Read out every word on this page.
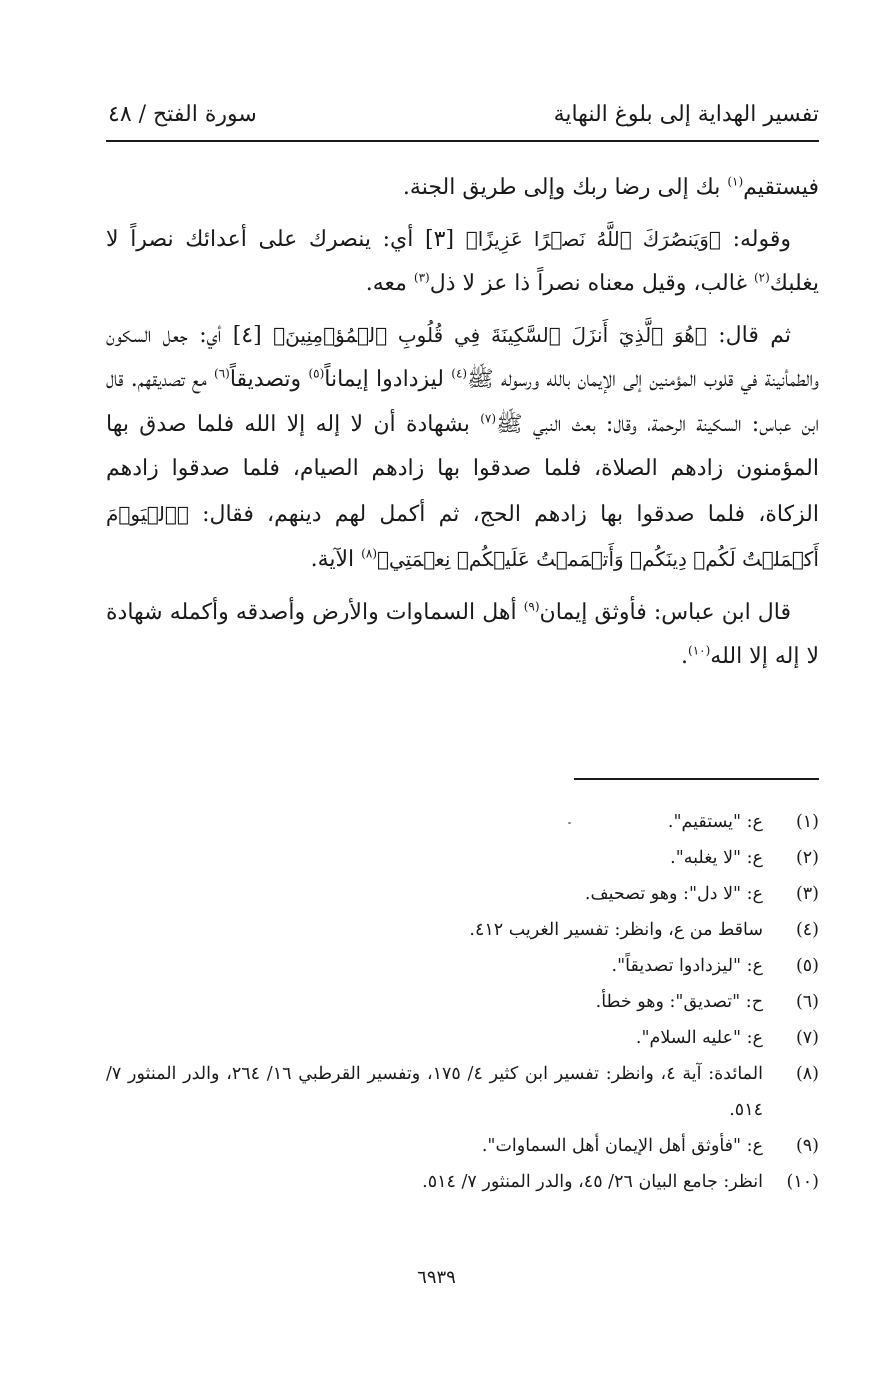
تفسير الهداية إلى بلوغ النهاية
سورة الفتح / ٤٨

فيستقيم$^{(١)}$ بك إلى رضا ربك وإلى طريق الجنة.

وقوله: ﴿وَيَنصُرَكَ ٱللَّهُ نَصۡرًا عَزِيزًا﴾ [٣] أي: ينصرك على أعدائك نصراً لا يغلبك$^{(٢)}$ غالب، وقيل معناه نصراً ذا عز لا ذل$^{(٣)}$ معه.

ثم قال: ﴿هُوَ ٱلَّذِيٓ أَنزَلَ ٱلسَّكِينَةَ فِي قُلُوبِ ٱلۡمُؤۡمِنِينَ﴾ [٤] أي: جعل السكون والطمأنينة في قلوب المؤمنين إلى الإيمان بالله ورسوله ﷺ$^{(٤)}$ ليزدادوا إيماناً$^{(٥)}$ وتصديقاً$^{(٦)}$ مع تصديقهم. قال ابن عباس: السكينة الرحمة، وقال: بعث النبي ﷺ$^{(٧)}$ بشهادة أن لا إله إلا الله فلما صدق بها المؤمنون زادهم الصلاة، فلما صدقوا بها زادهم الصيام، فلما صدقوا زادهم الزكاة، فلما صدقوا بها زادهم الحج، ثم أكمل لهم دينهم، فقال: ﴿ٱلۡيَوۡمَ أَكۡمَلۡتُ لَكُمۡ دِينَكُمۡ وَأَتۡمَمۡتُ عَلَيۡكُمۡ نِعۡمَتِي﴾$^{(٨)}$ الآية.

قال ابن عباس: فأوثق إيمان$^{(٩)}$ أهل السماوات والأرض وأصدقه وأكمله شهادة لا إله إلا الله$^{(١٠)}$.

(١)
ع: "يستقيم".
(٢)
ع: "لا يغلبه".
(٣)
ع: "لا دل": وهو تصحيف.
(٤)
ساقط من ع، وانظر: تفسير الغريب ٤١٢.
(٥)
ع: "ليزدادوا تصديقاً".
(٦)
ح: "تصديق": وهو خطأ.
(٧)
ع: "عليه السلام".
(٨)
المائدة: آية ٤، وانظر: تفسير ابن كثير ٤/ ١٧٥، وتفسير القرطبي ١٦/ ٢٦٤، والدر المنثور ٧/ ٥١٤.
(٩)
ع: "فأوثق أهل الإيمان أهل السماوات".
(١٠)
انظر: جامع البيان ٢٦/ ٤٥، والدر المنثور ٧/ ٥١٤.
٦٩٣٩
